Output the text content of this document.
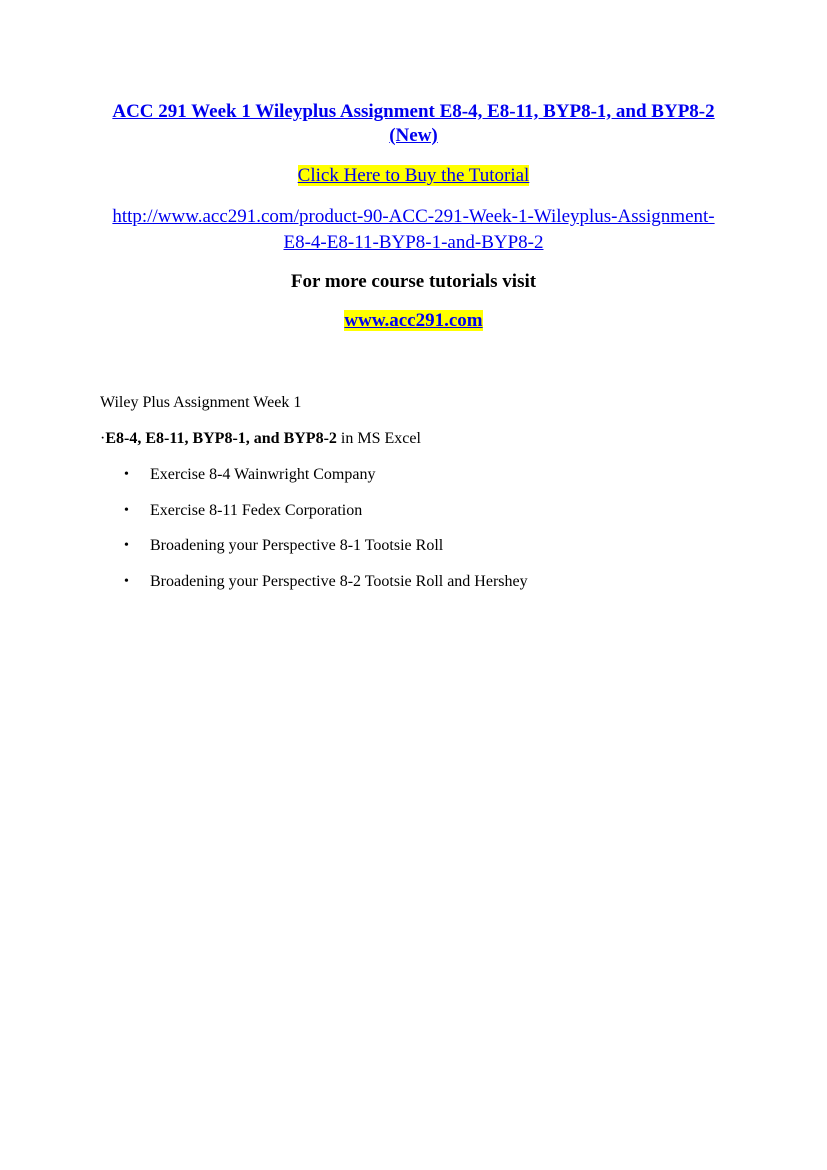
ACC 291 Week 1 Wileyplus Assignment E8-4, E8-11, BYP8-1, and BYP8-2 (New)
Click Here to Buy the Tutorial
http://www.acc291.com/product-90-ACC-291-Week-1-Wileyplus-Assignment-E8-4-E8-11-BYP8-1-and-BYP8-2
For more course tutorials visit
www.acc291.com
Wiley Plus Assignment Week 1
·E8-4, E8-11, BYP8-1, and BYP8-2 in MS Excel
• Exercise 8-4 Wainwright Company
• Exercise 8-11 Fedex Corporation
• Broadening your Perspective 8-1 Tootsie Roll
• Broadening your Perspective 8-2 Tootsie Roll and Hershey
